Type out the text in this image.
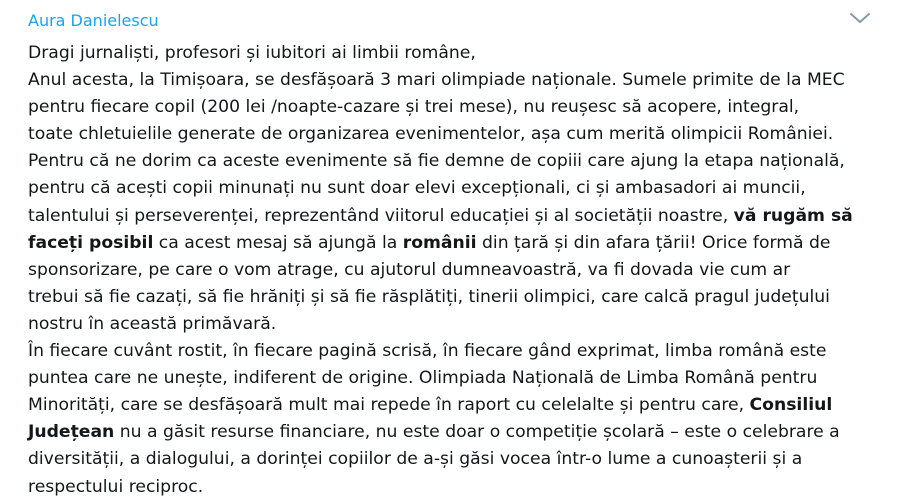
Aura Danielescu
Dragi jurnaliști, profesori și iubitori ai limbii române,
Anul acesta, la Timișoara, se desfășoară 3 mari olimpiade naționale. Sumele primite de la MEC
pentru fiecare copil (200 lei /noapte-cazare și trei mese), nu reușesc să acopere, integral,
toate chletuielile generate de organizarea evenimentelor, așa cum merită olimpicii României.
Pentru că ne dorim ca aceste evenimente să fie demne de copiii care ajung la etapa națională,
pentru că acești copii minunați nu sunt doar elevi excepționali, ci și ambasadori ai muncii,
talentului și perseverenței, reprezentând viitorul educației și al societății noastre, vă rugăm să
faceți posibil ca acest mesaj să ajungă la românii din țară și din afara țării! Orice formă de
sponsorizare, pe care o vom atrage, cu ajutorul dumneavoastră, va fi dovada vie cum ar
trebui să fie cazați, să fie hrăniți și să fie răsplătiți, tinerii olimpici, care calcă pragul județului
nostru în această primăvară.
În fiecare cuvânt rostit, în fiecare pagină scrisă, în fiecare gând exprimat, limba română este
puntea care ne unește, indiferent de origine. Olimpiada Națională de Limba Română pentru
Minorități, care se desfășoară mult mai repede în raport cu celelalte și pentru care, Consiliul
Județean nu a găsit resurse financiare, nu este doar o competiție școlară – este o celebrare a
diversității, a dialogului, a dorinței copiilor de a-și găsi vocea într-o lume a cunoașterii și a
respectului reciproc.
